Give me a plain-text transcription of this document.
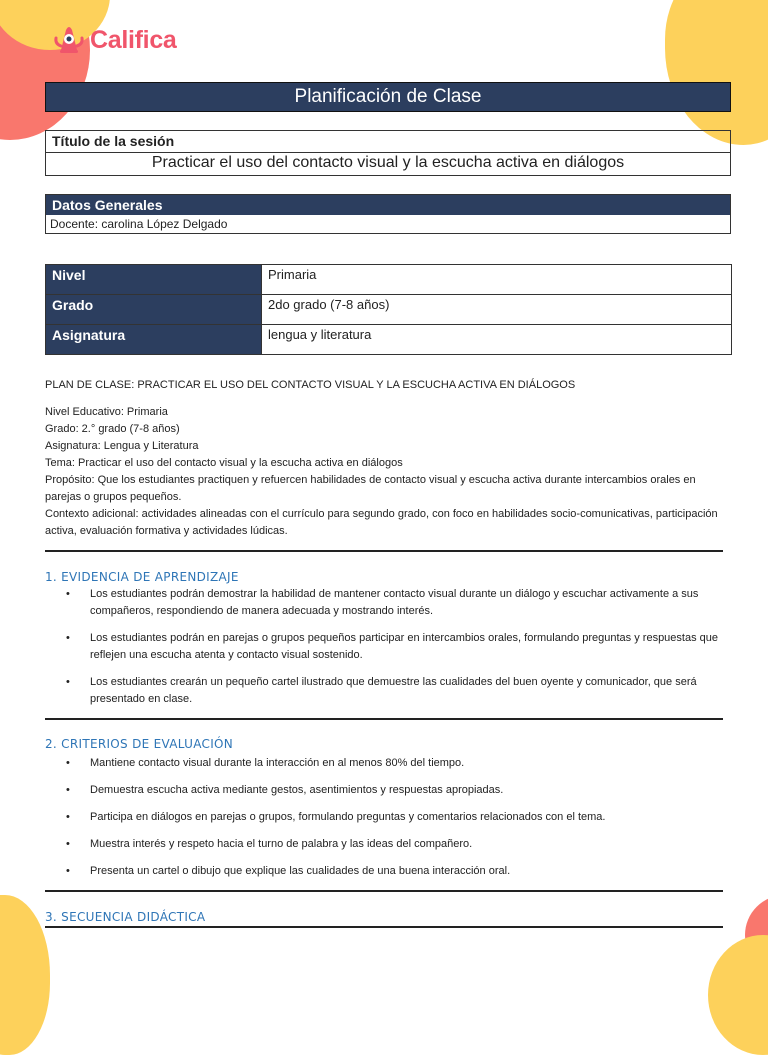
Califica
Planificación de Clase
Título de la sesión
Practicar el uso del contacto visual y la escucha activa en diálogos
Datos Generales
Docente: carolina López Delgado
Nivel	Primaria
Grado	2do grado (7-8 años)
Asignatura	lengua y literatura
PLAN DE CLASE: PRACTICAR EL USO DEL CONTACTO VISUAL Y LA ESCUCHA ACTIVA EN DIÁLOGOS
Nivel Educativo: Primaria
Grado: 2.° grado (7-8 años)
Asignatura: Lengua y Literatura
Tema: Practicar el uso del contacto visual y la escucha activa en diálogos
Propósito: Que los estudiantes practiquen y refuercen habilidades de contacto visual y escucha activa durante intercambios orales en parejas o grupos pequeños.
Contexto adicional: actividades alineadas con el currículo para segundo grado, con foco en habilidades socio-comunicativas, participación activa, evaluación formativa y actividades lúdicas.
1. EVIDENCIA DE APRENDIZAJE
• Los estudiantes podrán demostrar la habilidad de mantener contacto visual durante un diálogo y escuchar activamente a sus compañeros, respondiendo de manera adecuada y mostrando interés.
• Los estudiantes podrán en parejas o grupos pequeños participar en intercambios orales, formulando preguntas y respuestas que reflejen una escucha atenta y contacto visual sostenido.
• Los estudiantes crearán un pequeño cartel ilustrado que demuestre las cualidades del buen oyente y comunicador, que será presentado en clase.
2. CRITERIOS DE EVALUACIÓN
• Mantiene contacto visual durante la interacción en al menos 80% del tiempo.
• Demuestra escucha activa mediante gestos, asentimientos y respuestas apropiadas.
• Participa en diálogos en parejas o grupos, formulando preguntas y comentarios relacionados con el tema.
• Muestra interés y respeto hacia el turno de palabra y las ideas del compañero.
• Presenta un cartel o dibujo que explique las cualidades de una buena interacción oral.
3. SECUENCIA DIDÁCTICA
